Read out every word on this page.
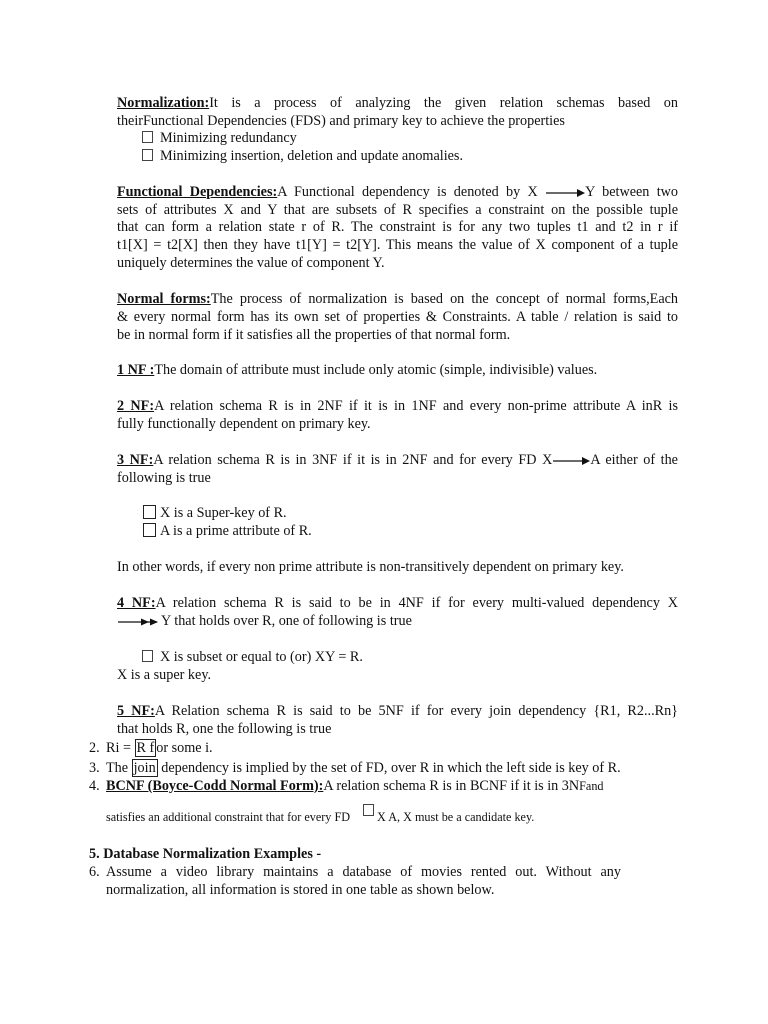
Normalization:It is a process of analyzing the given relation schemas based on
theirFunctional Dependencies (FDS) and primary key to achieve the properties
Minimizing redundancy
Minimizing insertion, deletion and update anomalies.
Functional Dependencies:A Functional dependency is denoted by X	Y between two
sets of attributes X and Y that are subsets of R specifies a constraint on the possible tuple
that can form a relation state r of R. The constraint is for any two tuples t1 and t2 in r if
t1[X] = t2[X] then they have t1[Y] = t2[Y]. This means the value of X component of a tuple
uniquely determines the value of component Y.
Normal forms:The process of normalization is based on the concept of normal forms,Each
& every normal form has its own set of properties & Constraints. A table / relation is said to
be in normal form if it satisfies all the properties of that normal form.
1 NF :The domain of attribute must include only atomic (simple, indivisible) values.
2 NF:A relation schema R is in 2NF if it is in 1NF and every non-prime attribute A inR is
fully functionally dependent on primary key.
3 NF:A relation schema R is in 3NF if it is in 2NF and for every FD X	A either of the
following is true
X is a Super-key of R.
A is a prime attribute of R.
In other words, if every non prime attribute is non-transitively dependent on primary key.
4 NF:A relation schema R is said to be in 4NF if for every multi-valued dependency X
Y that holds over R, one of following is true
X is subset or equal to (or) XY = R.
X is a super key.
5 NF:A Relation schema R is said to be 5NF if for every join dependency {R1, R2...Rn}
that holds R, one the following is true
2. Ri = R f or some i.
3. The join dependency is implied by the set of FD, over R in which the left side is key of R.
4. BCNF (Boyce-Codd Normal Form):A relation schema R is in BCNF if it is in 3NFand
satisfies an additional constraint that for every FD X A, X must be a candidate key.
5. Database Normalization Examples -
6. Assume a video library maintains a database of movies rented out. Without any
normalization, all information is stored in one table as shown below.
